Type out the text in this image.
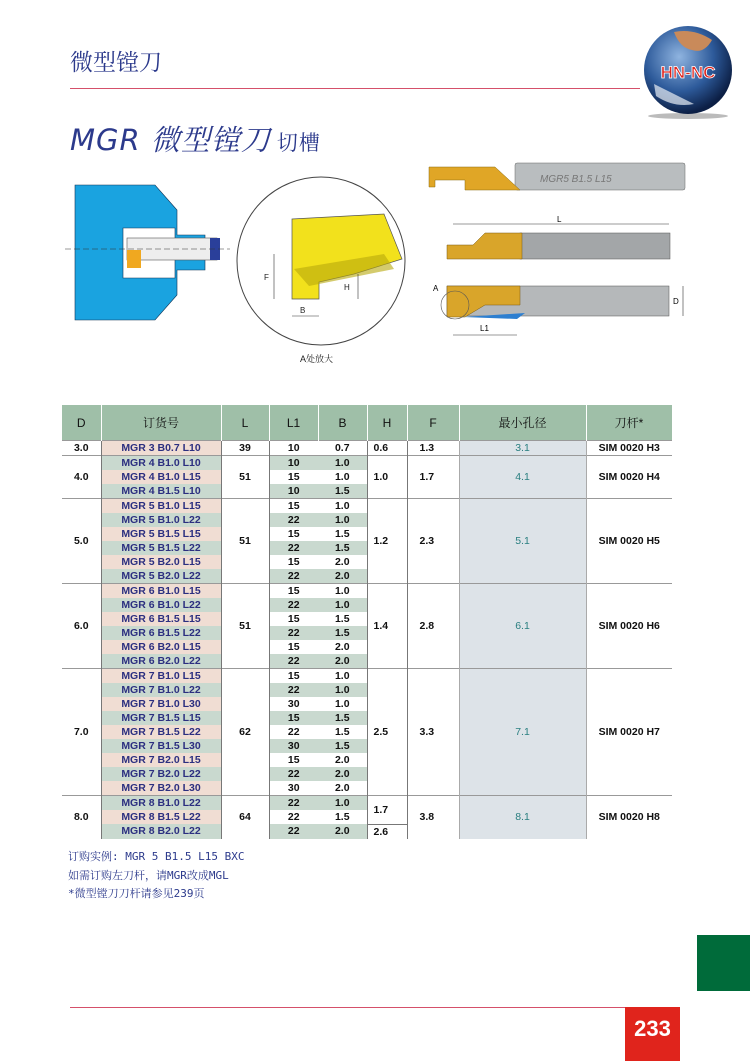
微型镗刀	HN-NC
MGR 微型镗刀 切槽
F
H
B
A处放大
MGR5 B1.5 L15
L
A
L1
D
D	订货号	L	L1	B	H	F	最小孔径	刀杆*
3.0	MGR 3 B0.7 L10	39	10	0.7	0.6	1.3	3.1	SIM 0020 H3
4.0	MGR 4 B1.0 L10	51	10	1.0	1.0	1.7	4.1	SIM 0020 H4
	MGR 4 B1.0 L15		15	1.0				
	MGR 4 B1.5 L10		10	1.5				
5.0	MGR 5 B1.0 L15	51	15	1.0	1.2	2.3	5.1	SIM 0020 H5
	MGR 5 B1.0 L22		22	1.0				
	MGR 5 B1.5 L15		15	1.5				
	MGR 5 B1.5 L22		22	1.5				
	MGR 5 B2.0 L15		15	2.0				
	MGR 5 B2.0 L22		22	2.0				
6.0	MGR 6 B1.0 L15	51	15	1.0	1.4	2.8	6.1	SIM 0020 H6
	MGR 6 B1.0 L22		22	1.0				
	MGR 6 B1.5 L15		15	1.5				
	MGR 6 B1.5 L22		22	1.5				
	MGR 6 B2.0 L15		15	2.0				
	MGR 6 B2.0 L22		22	2.0				
7.0	MGR 7 B1.0 L15	62	15	1.0	2.5	3.3	7.1	SIM 0020 H7
	MGR 7 B1.0 L22		22	1.0				
	MGR 7 B1.0 L30		30	1.0				
	MGR 7 B1.5 L15		15	1.5				
	MGR 7 B1.5 L22		22	1.5				
	MGR 7 B1.5 L30		30	1.5				
	MGR 7 B2.0 L15		15	2.0				
	MGR 7 B2.0 L22		22	2.0				
	MGR 7 B2.0 L30		30	2.0				
8.0	MGR 8 B1.0 L22	64	22	1.0	1.7	3.8	8.1	SIM 0020 H8
	MGR 8 B1.5 L22		22	1.5				
	MGR 8 B2.0 L22		22	2.0	2.6			
订购实例: MGR 5 B1.5 L15 BXC
如需订购左刀杆，请MGR改成MGL
*微型镗刀刀杆请参见239页
233
